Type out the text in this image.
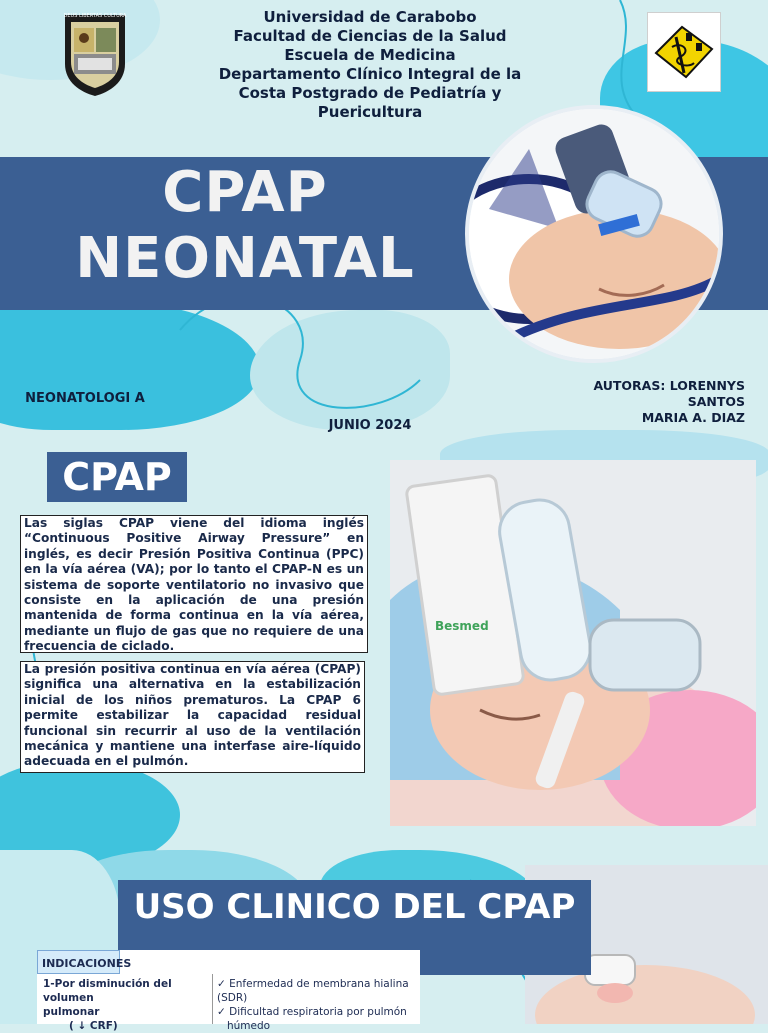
DEUS LIBERTAS CULTURA	Universidad de Carabobo
Facultad de Ciencias de la Salud
Escuela de Medicina
Departamento Clínico Integral de la
Costa Postgrado de Pediatría y
Puericultura
CPAP
NEONATAL
NEONATOLOGI A
JUNIO 2024
AUTORAS: LORENNYS
SANTOS
MARIA A. DIAZ
CPAP
Las siglas CPAP viene del idioma inglés “Continuous Positive Airway Pressure” en inglés, es decir Presión Positiva Continua (PPC) en la vía aérea (VA); por lo tanto el CPAP-N es un sistema de soporte ventilatorio no invasivo que consiste en la aplicación de una presión mantenida de forma continua en la vía aérea, mediante un flujo de gas que no requiere de una frecuencia de ciclado.
La presión positiva continua en vía aérea (CPAP) significa una alternativa en la estabilización inicial de los niños prematuros. La CPAP 6 permite estabilizar la capacidad residual funcional sin recurrir al uso de la ventilación mecánica y mantiene una interfase aire-líquido adecuada en el pulmón.
Besmed
USO CLINICO DEL CPAP
INDICACIONES
1-Por disminución del volumen
pulmonar
( ↓ CRF)
✓ Enfermedad de membrana hialina (SDR)
✓ Dificultad respiratoria por pulmón
húmedo
